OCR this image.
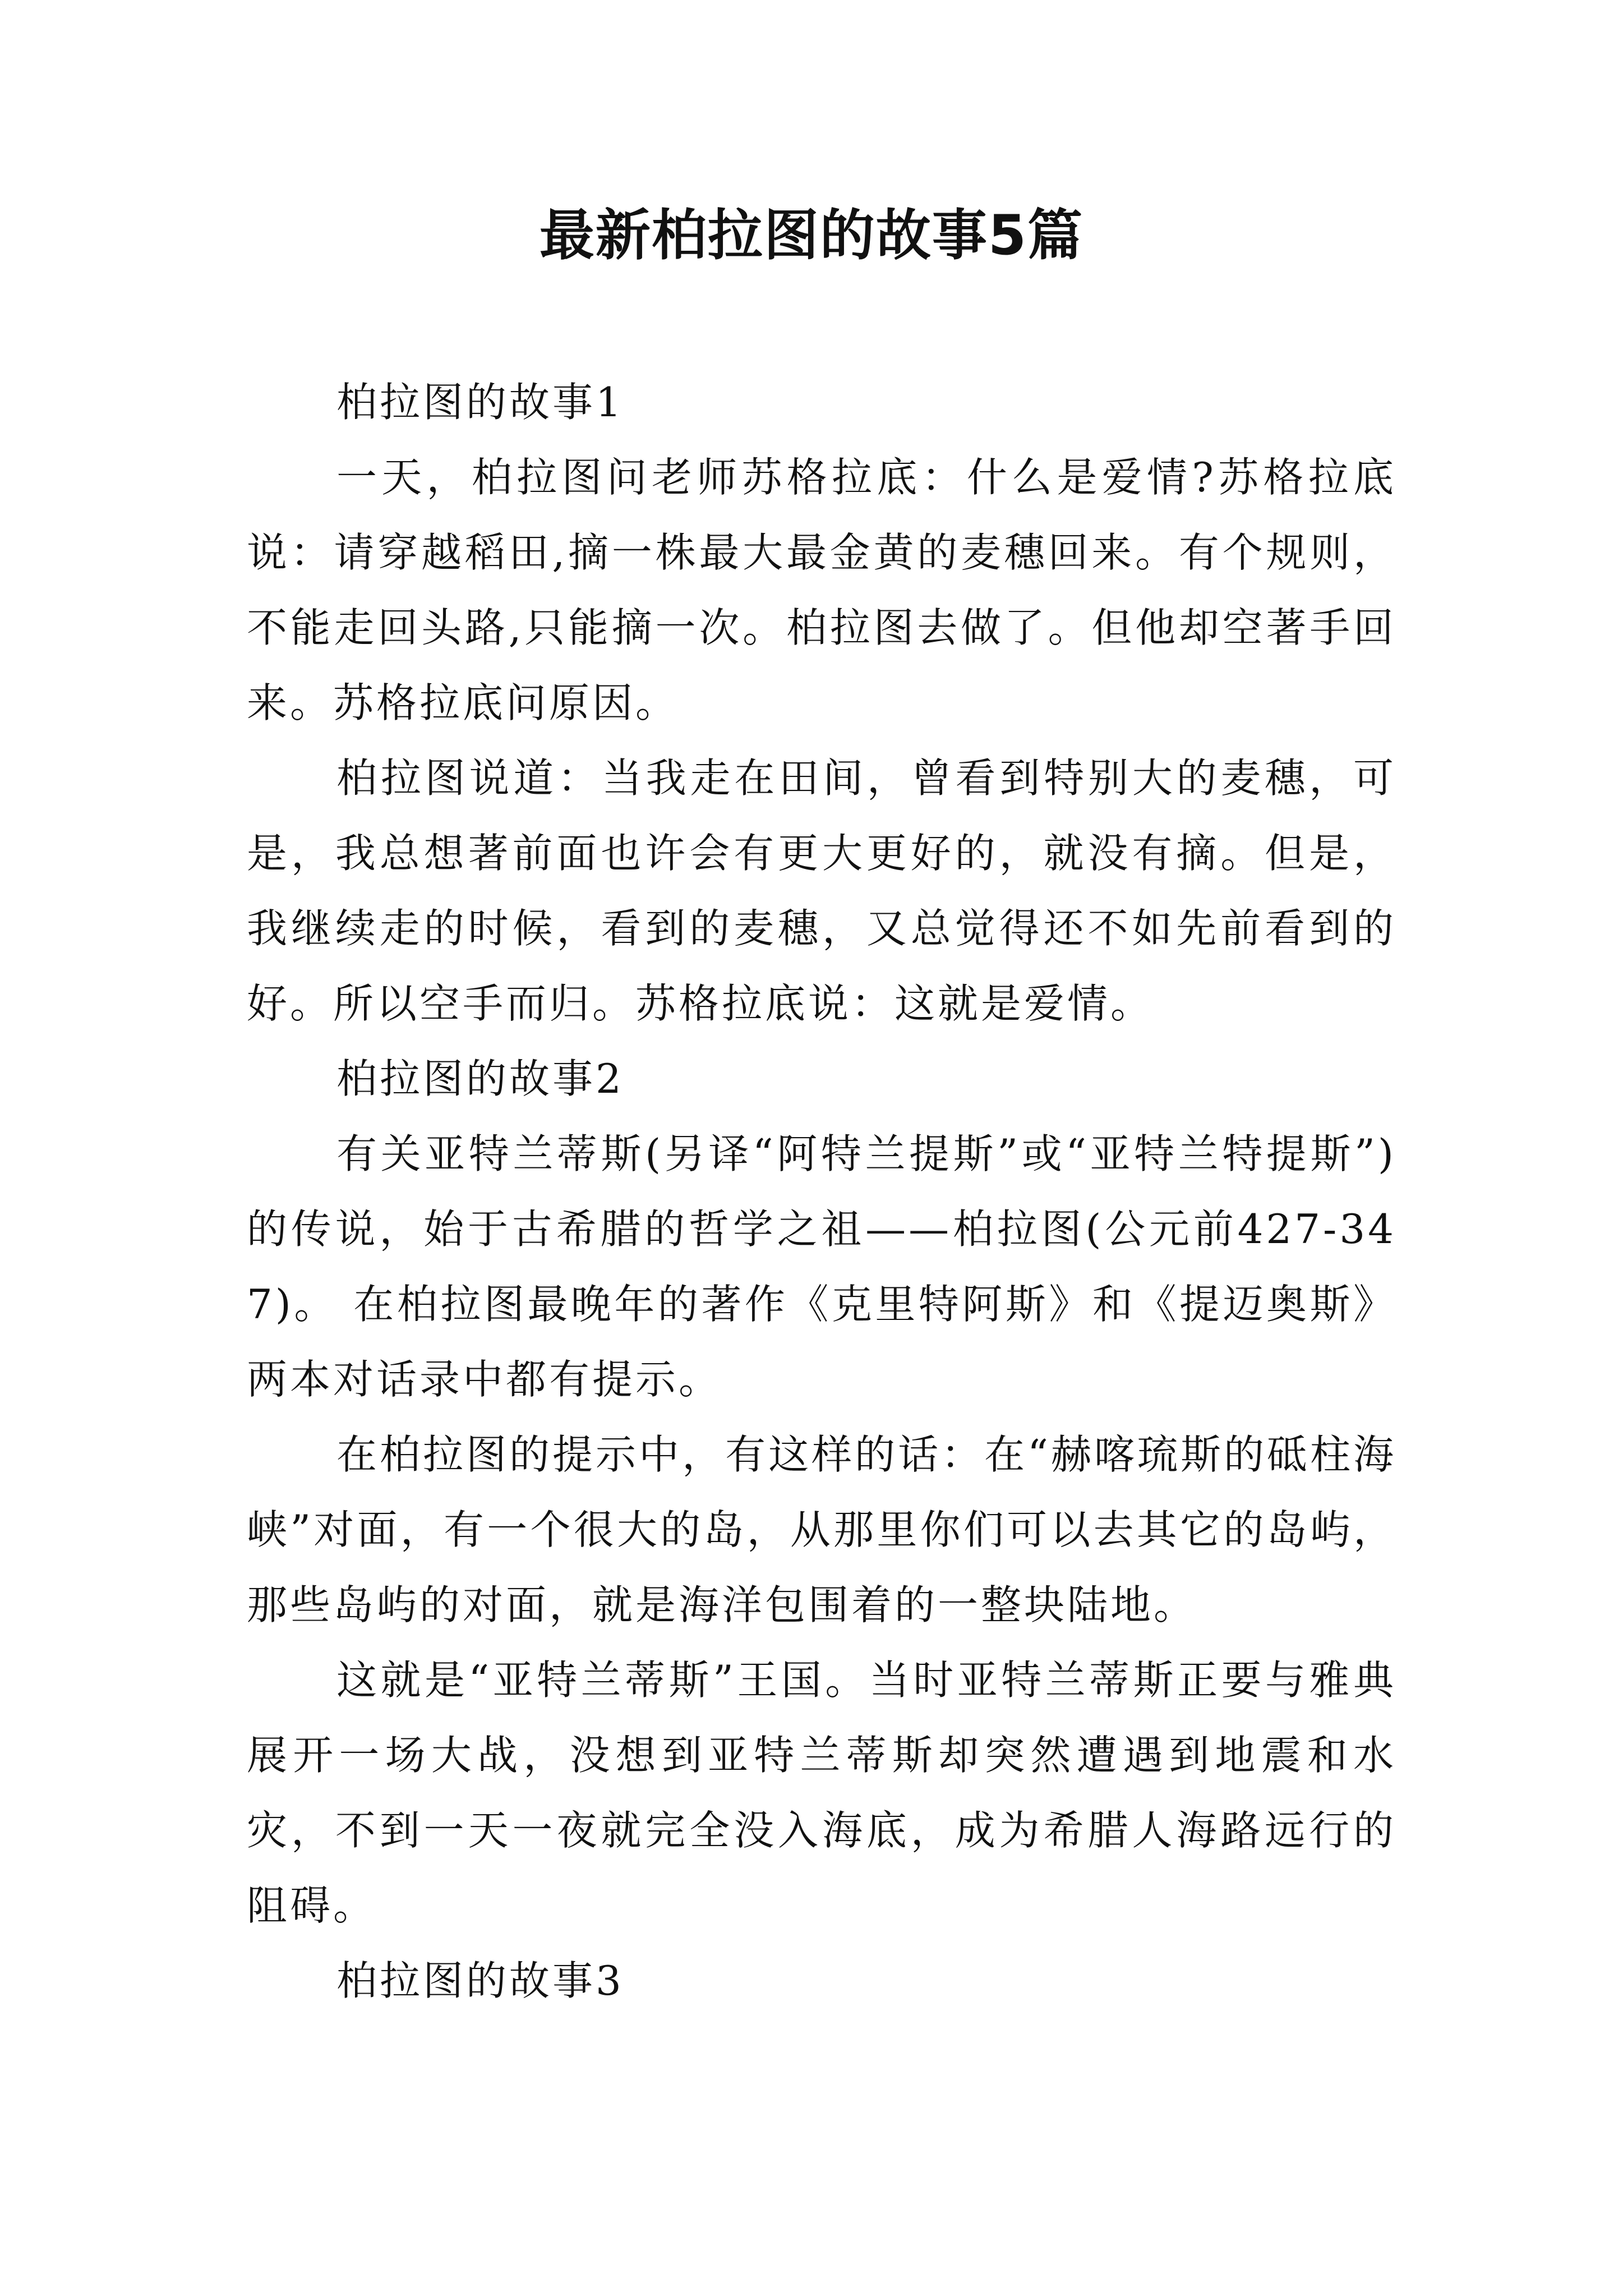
最新柏拉图的故事5篇

柏拉图的故事1

一天，柏拉图问老师苏格拉底：什么是爱情?苏格拉底说：请穿越稻田,摘一株最大最金黄的麦穗回来。有个规则，不能走回头路,只能摘一次。柏拉图去做了。但他却空著手回来。苏格拉底问原因。

柏拉图说道：当我走在田间，曾看到特别大的麦穗，可是，我总想著前面也许会有更大更好的，就没有摘。但是，我继续走的时候，看到的麦穗，又总觉得还不如先前看到的好。所以空手而归。苏格拉底说：这就是爱情。

柏拉图的故事2

有关亚特兰蒂斯(另译“阿特兰提斯”或“亚特兰特提斯”)的传说，始于古希腊的哲学之祖——柏拉图(公元前427-347)。 在柏拉图最晚年的著作《克里特阿斯》和《提迈奥斯》两本对话录中都有提示。

在柏拉图的提示中，有这样的话：在“赫喀琉斯的砥柱海峡”对面，有一个很大的岛，从那里你们可以去其它的岛屿，那些岛屿的对面，就是海洋包围着的一整块陆地。

这就是“亚特兰蒂斯”王国。当时亚特兰蒂斯正要与雅典展开一场大战，没想到亚特兰蒂斯却突然遭遇到地震和水灾，不到一天一夜就完全没入海底，成为希腊人海路远行的阻碍。

柏拉图的故事3
